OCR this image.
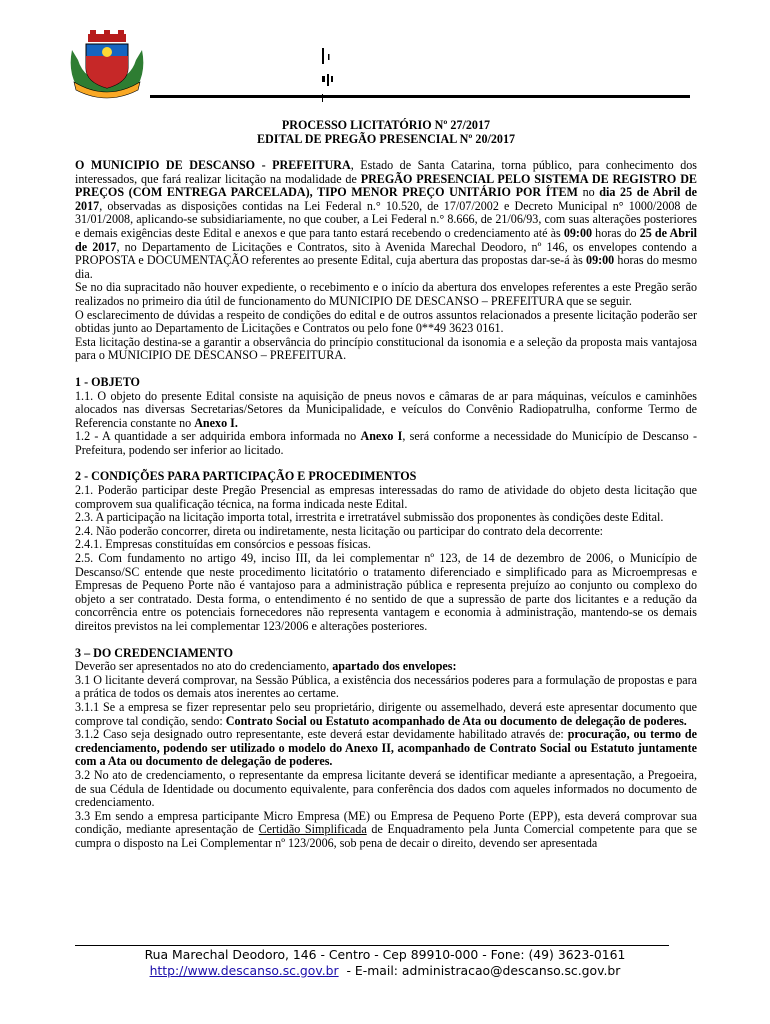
PROCESSO LICITATÓRIO Nº 27/2017
EDITAL DE PREGÃO PRESENCIAL Nº 20/2017

O MUNICIPIO DE DESCANSO - PREFEITURA, Estado de Santa Catarina, torna público, para conhecimento dos interessados, que fará realizar licitação na modalidade de PREGÃO PRESENCIAL PELO SISTEMA DE REGISTRO DE PREÇOS (COM ENTREGA PARCELADA), TIPO MENOR PREÇO UNITÁRIO POR ÍTEM no dia 25 de Abril de 2017, observadas as disposições contidas na Lei Federal n.° 10.520, de 17/07/2002 e Decreto Municipal n° 1000/2008 de 31/01/2008, aplicando-se subsidiariamente, no que couber, a Lei Federal n.° 8.666, de 21/06/93, com suas alterações posteriores e demais exigências deste Edital e anexos e que para tanto estará recebendo o credenciamento até às 09:00 horas do 25 de Abril de 2017, no Departamento de Licitações e Contratos, sito à Avenida Marechal Deodoro, nº 146, os envelopes contendo a PROPOSTA e DOCUMENTAÇÃO referentes ao presente Edital, cuja abertura das propostas dar-se-á às 09:00 horas do mesmo dia.

Se no dia supracitado não houver expediente, o recebimento e o início da abertura dos envelopes referentes a este Pregão serão realizados no primeiro dia útil de funcionamento do MUNICIPIO DE DESCANSO – PREFEITURA que se seguir.

O esclarecimento de dúvidas a respeito de condições do edital e de outros assuntos relacionados a presente licitação poderão ser obtidas junto ao Departamento de Licitações e Contratos ou pelo fone 0**49 3623 0161.

Esta licitação destina-se a garantir a observância do princípio constitucional da isonomia e a seleção da proposta mais vantajosa para o MUNICIPIO DE DESCANSO – PREFEITURA.

1 - OBJETO

1.1. O objeto do presente Edital consiste na aquisição de pneus novos e câmaras de ar para máquinas, veículos e caminhões alocados nas diversas Secretarias/Setores da Municipalidade, e veículos do Convênio Radiopatrulha, conforme Termo de Referencia constante no Anexo I.

1.2 - A quantidade a ser adquirida embora informada no Anexo I, será conforme a necessidade do Município de Descanso - Prefeitura, podendo ser inferior ao licitado.

2 - CONDIÇÕES PARA PARTICIPAÇÃO E PROCEDIMENTOS

2.1. Poderão participar deste Pregão Presencial as empresas interessadas do ramo de atividade do objeto desta licitação que comprovem sua qualificação técnica, na forma indicada neste Edital.

2.3. A participação na licitação importa total, irrestrita e irretratável submissão dos proponentes às condições deste Edital.

2.4. Não poderão concorrer, direta ou indiretamente, nesta licitação ou participar do contrato dela decorrente:

2.4.1. Empresas constituídas em consórcios e pessoas físicas.

2.5. Com fundamento no artigo 49, inciso III, da lei complementar nº 123, de 14 de dezembro de 2006, o Município de Descanso/SC entende que neste procedimento licitatório o tratamento diferenciado e simplificado para as Microempresas e Empresas de Pequeno Porte não é vantajoso para a administração pública e representa prejuízo ao conjunto ou complexo do objeto a ser contratado. Desta forma, o entendimento é no sentido de que a supressão de parte dos licitantes e a redução da concorrência entre os potenciais fornecedores não representa vantagem e economia à administração, mantendo-se os demais direitos previstos na lei complementar 123/2006 e alterações posteriores.

3 – DO CREDENCIAMENTO

Deverão ser apresentados no ato do credenciamento, apartado dos envelopes:

3.1 O licitante deverá comprovar, na Sessão Pública, a existência dos necessários poderes para a formulação de propostas e para a prática de todos os demais atos inerentes ao certame.

3.1.1 Se a empresa se fizer representar pelo seu proprietário, dirigente ou assemelhado, deverá este apresentar documento que comprove tal condição, sendo: Contrato Social ou Estatuto acompanhado de Ata ou documento de delegação de poderes.

3.1.2 Caso seja designado outro representante, este deverá estar devidamente habilitado através de: procuração, ou termo de credenciamento, podendo ser utilizado o modelo do Anexo II, acompanhado de Contrato Social ou Estatuto juntamente com a Ata ou documento de delegação de poderes.

3.2 No ato de credenciamento, o representante da empresa licitante deverá se identificar mediante a apresentação, a Pregoeira, de sua Cédula de Identidade ou documento equivalente, para conferência dos dados com aqueles informados no documento de credenciamento.

3.3 Em sendo a empresa participante Micro Empresa (ME) ou Empresa de Pequeno Porte (EPP), esta deverá comprovar sua condição, mediante apresentação de Certidão Simplificada de Enquadramento pela Junta Comercial competente para que se cumpra o disposto na Lei Complementar nº 123/2006, sob pena de decair o direito, devendo ser apresentada

Rua Marechal Deodoro, 146 - Centro - Cep 89910-000 - Fone: (49) 3623-0161
http://www.descanso.sc.gov.br  - E-mail: administracao@descanso.sc.gov.br
